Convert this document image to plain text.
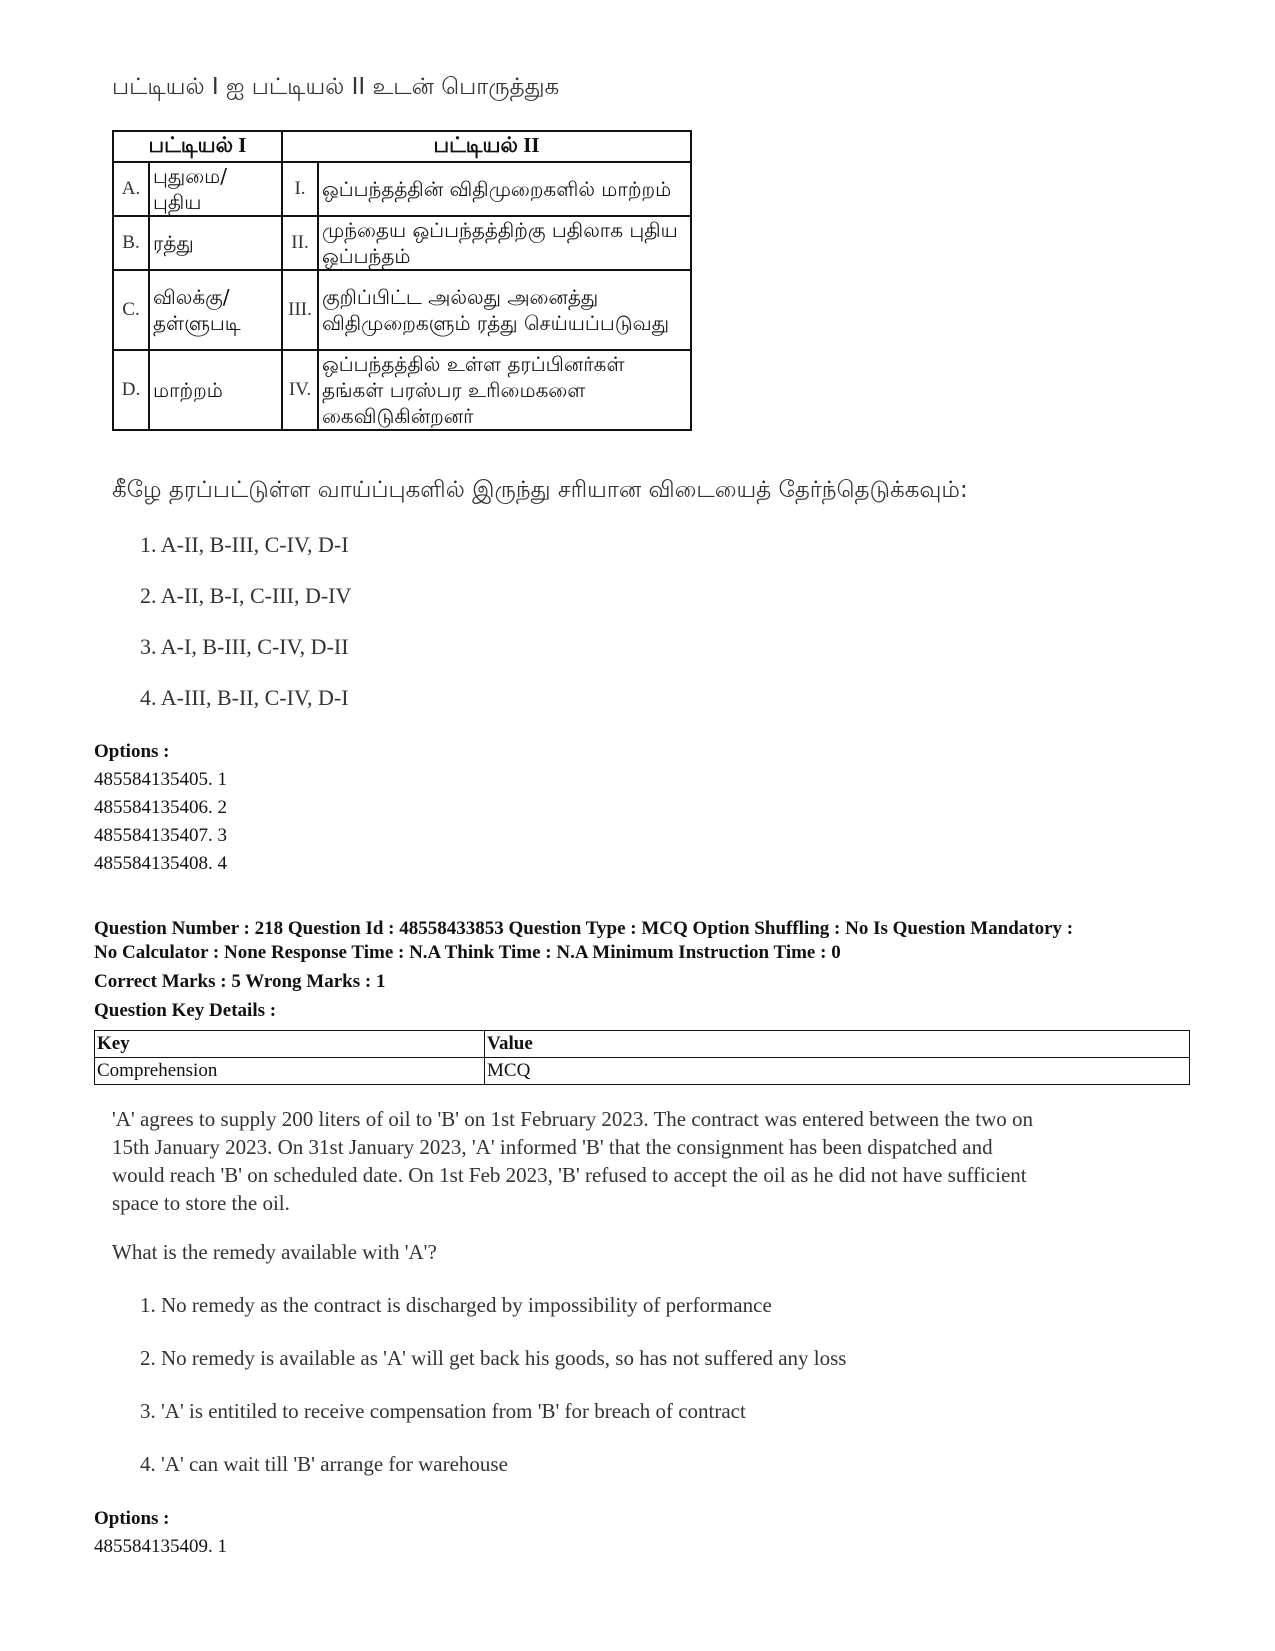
பட்டியல் I ஐ பட்டியல் II உடன் பொருத்துக
பட்டியல் I		பட்டியல் II	
A.	புதுமை/ புதிய	I.	ஒப்பந்தத்தின் விதிமுறைகளில் மாற்றம்
B.	ரத்து	II.	முந்தைய ஒப்பந்தத்திற்கு பதிலாக புதிய ஒப்பந்தம்
C.	விலக்கு/ தள்ளுபடி	III.	குறிப்பிட்ட அல்லது அனைத்து விதிமுறைகளும் ரத்து செய்யப்படுவது
D.	மாற்றம்	IV.	ஒப்பந்தத்தில் உள்ள தரப்பினர்கள் தங்கள் பரஸ்பர உரிமைகளை கைவிடுகின்றனர்
கீழே தரப்பட்டுள்ள வாய்ப்புகளில் இருந்து சரியான விடையைத் தேர்ந்தெடுக்கவும்:
1. A-II, B-III, C-IV, D-I
2. A-II, B-I, C-III, D-IV
3. A-I, B-III, C-IV, D-II
4. A-III, B-II, C-IV, D-I
Options :
485584135405. 1
485584135406. 2
485584135407. 3
485584135408. 4
Question Number : 218 Question Id : 48558433853 Question Type : MCQ Option Shuffling : No Is Question Mandatory :
No Calculator : None Response Time : N.A Think Time : N.A Minimum Instruction Time : 0
Correct Marks : 5 Wrong Marks : 1
Question Key Details :
Key	Value
Comprehension	MCQ
'A' agrees to supply 200 liters of oil to 'B' on 1st February 2023. The contract was entered between the two on
15th January 2023. On 31st January 2023, 'A' informed 'B' that the consignment has been dispatched and
would reach 'B' on scheduled date. On 1st Feb 2023, 'B' refused to accept the oil as he did not have sufficient
space to store the oil.
What is the remedy available with 'A'?
1. No remedy as the contract is discharged by impossibility of performance
2. No remedy is available as 'A' will get back his goods, so has not suffered any loss
3. 'A' is entitiled to receive compensation from 'B' for breach of contract
4. 'A' can wait till 'B' arrange for warehouse
Options :
485584135409. 1
